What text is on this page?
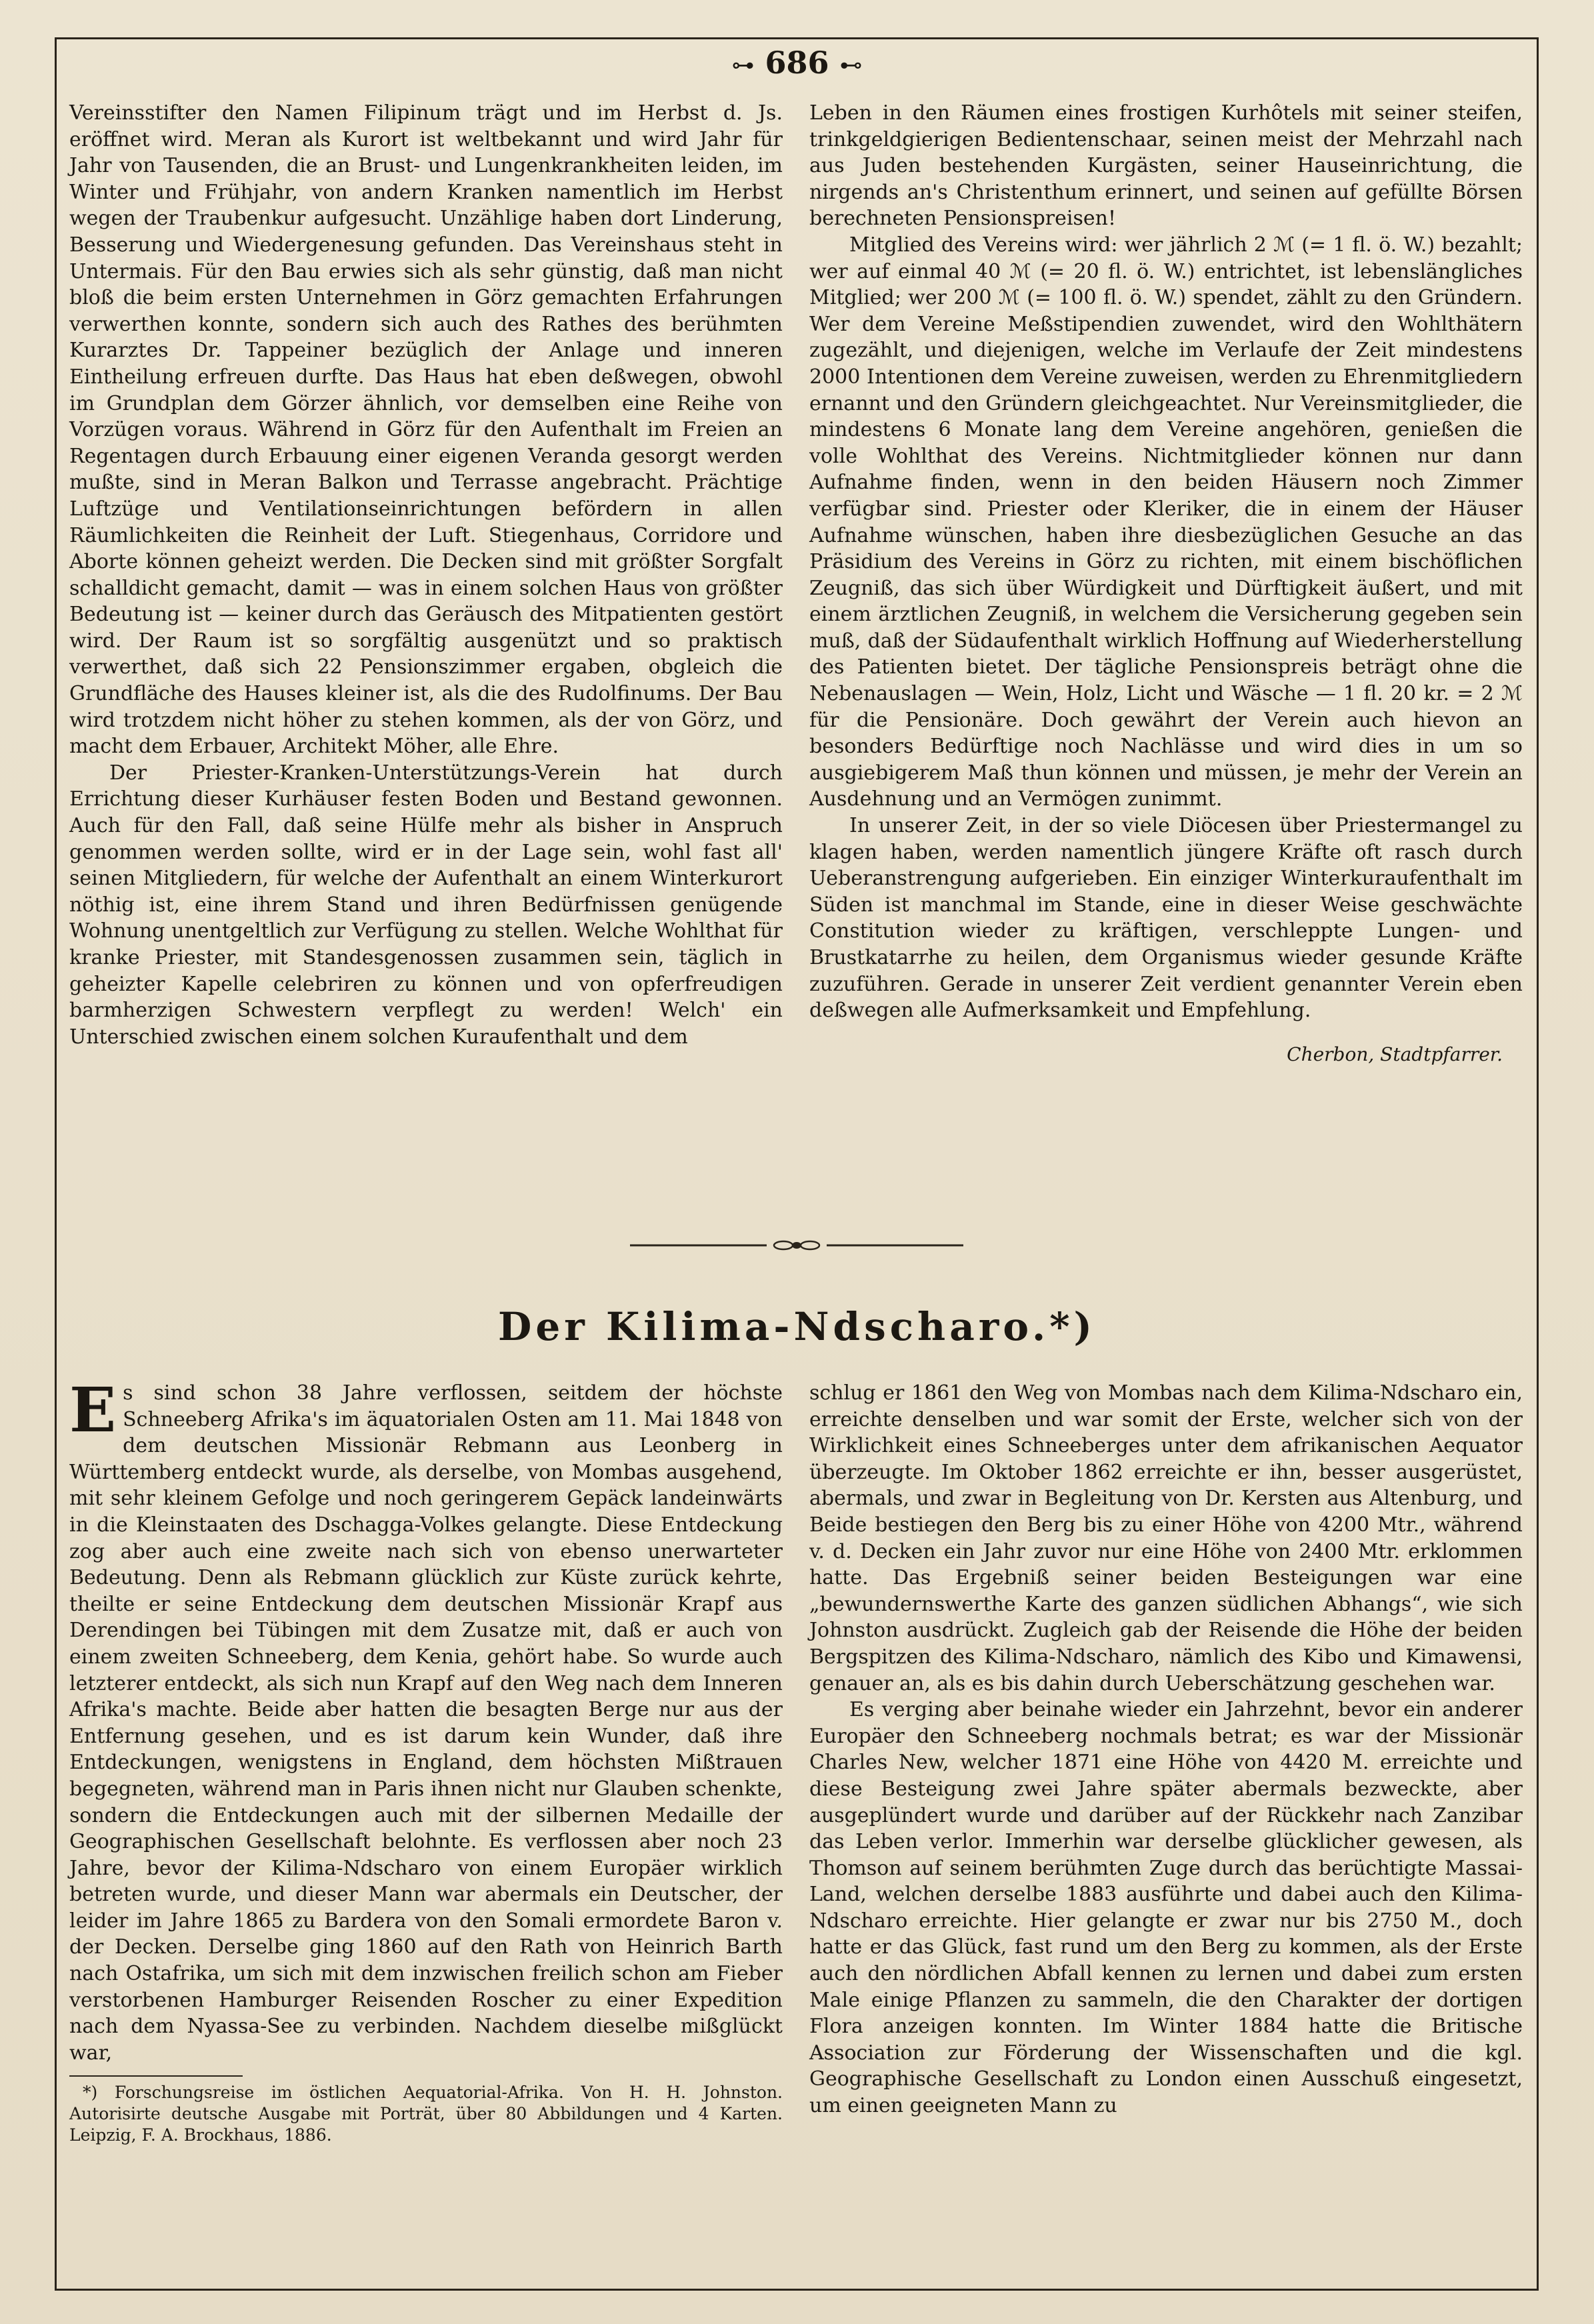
⊶ 686 ⊷

Vereinsstifter den Namen Filipinum trägt und im Herbst d. Js. eröffnet wird. Meran als Kurort ist weltbekannt und wird Jahr für Jahr von Tausenden, die an Brust- und Lungenkrankheiten leiden, im Winter und Frühjahr, von andern Kranken namentlich im Herbst wegen der Traubenkur aufgesucht. Unzählige haben dort Linderung, Besserung und Wiedergenesung gefunden. Das Vereinshaus steht in Untermais. Für den Bau erwies sich als sehr günstig, daß man nicht bloß die beim ersten Unternehmen in Görz gemachten Erfahrungen verwerthen konnte, sondern sich auch des Rathes des berühmten Kurarztes Dr. Tappeiner bezüglich der Anlage und inneren Eintheilung erfreuen durfte. Das Haus hat eben deßwegen, obwohl im Grundplan dem Görzer ähnlich, vor demselben eine Reihe von Vorzügen voraus. Während in Görz für den Aufenthalt im Freien an Regentagen durch Erbauung einer eigenen Veranda gesorgt werden mußte, sind in Meran Balkon und Terrasse angebracht. Prächtige Luftzüge und Ventilationseinrichtungen befördern in allen Räumlichkeiten die Reinheit der Luft. Stiegenhaus, Corridore und Aborte können geheizt werden. Die Decken sind mit größter Sorgfalt schalldicht gemacht, damit — was in einem solchen Haus von größter Bedeutung ist — keiner durch das Geräusch des Mitpatienten gestört wird. Der Raum ist so sorgfältig ausgenützt und so praktisch verwerthet, daß sich 22 Pensionszimmer ergaben, obgleich die Grundfläche des Hauses kleiner ist, als die des Rudolfinums. Der Bau wird trotzdem nicht höher zu stehen kommen, als der von Görz, und macht dem Erbauer, Architekt Möher, alle Ehre.

Der Priester-Kranken-Unterstützungs-Verein hat durch Errichtung dieser Kurhäuser festen Boden und Bestand gewonnen. Auch für den Fall, daß seine Hülfe mehr als bisher in Anspruch genommen werden sollte, wird er in der Lage sein, wohl fast all' seinen Mitgliedern, für welche der Aufenthalt an einem Winterkurort nöthig ist, eine ihrem Stand und ihren Bedürfnissen genügende Wohnung unentgeltlich zur Verfügung zu stellen. Welche Wohlthat für kranke Priester, mit Standesgenossen zusammen sein, täglich in geheizter Kapelle celebriren zu können und von opferfreudigen barmherzigen Schwestern verpflegt zu werden! Welch' ein Unterschied zwischen einem solchen Kuraufenthalt und dem

Leben in den Räumen eines frostigen Kurhôtels mit seiner steifen, trinkgeldgierigen Bedientenschaar, seinen meist der Mehrzahl nach aus Juden bestehenden Kurgästen, seiner Hauseinrichtung, die nirgends an's Christenthum erinnert, und seinen auf gefüllte Börsen berechneten Pensionspreisen!

Mitglied des Vereins wird: wer jährlich 2 ℳ (= 1 fl. ö. W.) bezahlt; wer auf einmal 40 ℳ (= 20 fl. ö. W.) entrichtet, ist lebenslängliches Mitglied; wer 200 ℳ (= 100 fl. ö. W.) spendet, zählt zu den Gründern. Wer dem Vereine Meßstipendien zuwendet, wird den Wohlthätern zugezählt, und diejenigen, welche im Verlaufe der Zeit mindestens 2000 Intentionen dem Vereine zuweisen, werden zu Ehrenmitgliedern ernannt und den Gründern gleichgeachtet. Nur Vereinsmitglieder, die mindestens 6 Monate lang dem Vereine angehören, genießen die volle Wohlthat des Vereins. Nichtmitglieder können nur dann Aufnahme finden, wenn in den beiden Häusern noch Zimmer verfügbar sind. Priester oder Kleriker, die in einem der Häuser Aufnahme wünschen, haben ihre diesbezüglichen Gesuche an das Präsidium des Vereins in Görz zu richten, mit einem bischöflichen Zeugniß, das sich über Würdigkeit und Dürftigkeit äußert, und mit einem ärztlichen Zeugniß, in welchem die Versicherung gegeben sein muß, daß der Südaufenthalt wirklich Hoffnung auf Wiederherstellung des Patienten bietet. Der tägliche Pensionspreis beträgt ohne die Nebenauslagen — Wein, Holz, Licht und Wäsche — 1 fl. 20 kr. = 2 ℳ für die Pensionäre. Doch gewährt der Verein auch hievon an besonders Bedürftige noch Nachlässe und wird dies in um so ausgiebigerem Maß thun können und müssen, je mehr der Verein an Ausdehnung und an Vermögen zunimmt.

In unserer Zeit, in der so viele Diöcesen über Priestermangel zu klagen haben, werden namentlich jüngere Kräfte oft rasch durch Ueberanstrengung aufgerieben. Ein einziger Winterkuraufenthalt im Süden ist manchmal im Stande, eine in dieser Weise geschwächte Constitution wieder zu kräftigen, verschleppte Lungen- und Brustkatarrhe zu heilen, dem Organismus wieder gesunde Kräfte zuzuführen. Gerade in unserer Zeit verdient genannter Verein eben deßwegen alle Aufmerksamkeit und Empfehlung.

Cherbon, Stadtpfarrer.
Der Kilima-Ndscharo.*)

Es sind schon 38 Jahre verflossen, seitdem der höchste Schneeberg Afrika's im äquatorialen Osten am 11. Mai 1848 von dem deutschen Missionär Rebmann aus Leonberg in Württemberg entdeckt wurde, als derselbe, von Mombas ausgehend, mit sehr kleinem Gefolge und noch geringerem Gepäck landeinwärts in die Kleinstaaten des Dschagga-Volkes gelangte. Diese Entdeckung zog aber auch eine zweite nach sich von ebenso unerwarteter Bedeutung. Denn als Rebmann glücklich zur Küste zurück kehrte, theilte er seine Entdeckung dem deutschen Missionär Krapf aus Derendingen bei Tübingen mit dem Zusatze mit, daß er auch von einem zweiten Schneeberg, dem Kenia, gehört habe. So wurde auch letzterer entdeckt, als sich nun Krapf auf den Weg nach dem Inneren Afrika's machte. Beide aber hatten die besagten Berge nur aus der Entfernung gesehen, und es ist darum kein Wunder, daß ihre Entdeckungen, wenigstens in England, dem höchsten Mißtrauen begegneten, während man in Paris ihnen nicht nur Glauben schenkte, sondern die Entdeckungen auch mit der silbernen Medaille der Geographischen Gesellschaft belohnte. Es verflossen aber noch 23 Jahre, bevor der Kilima-Ndscharo von einem Europäer wirklich betreten wurde, und dieser Mann war abermals ein Deutscher, der leider im Jahre 1865 zu Bardera von den Somali ermordete Baron v. der Decken. Derselbe ging 1860 auf den Rath von Heinrich Barth nach Ostafrika, um sich mit dem inzwischen freilich schon am Fieber verstorbenen Hamburger Reisenden Roscher zu einer Expedition nach dem Nyassa-See zu verbinden. Nachdem dieselbe mißglückt war,

*) Forschungsreise im östlichen Aequatorial-Afrika. Von H. H. Johnston. Autorisirte deutsche Ausgabe mit Porträt, über 80 Abbildungen und 4 Karten. Leipzig, F. A. Brockhaus, 1886.

schlug er 1861 den Weg von Mombas nach dem Kilima-Ndscharo ein, erreichte denselben und war somit der Erste, welcher sich von der Wirklichkeit eines Schneeberges unter dem afrikanischen Aequator überzeugte. Im Oktober 1862 erreichte er ihn, besser ausgerüstet, abermals, und zwar in Begleitung von Dr. Kersten aus Altenburg, und Beide bestiegen den Berg bis zu einer Höhe von 4200 Mtr., während v. d. Decken ein Jahr zuvor nur eine Höhe von 2400 Mtr. erklommen hatte. Das Ergebniß seiner beiden Besteigungen war eine „bewundernswerthe Karte des ganzen südlichen Abhangs“, wie sich Johnston ausdrückt. Zugleich gab der Reisende die Höhe der beiden Bergspitzen des Kilima-Ndscharo, nämlich des Kibo und Kimawensi, genauer an, als es bis dahin durch Ueberschätzung geschehen war.

Es verging aber beinahe wieder ein Jahrzehnt, bevor ein anderer Europäer den Schneeberg nochmals betrat; es war der Missionär Charles New, welcher 1871 eine Höhe von 4420 M. erreichte und diese Besteigung zwei Jahre später abermals bezweckte, aber ausgeplündert wurde und darüber auf der Rückkehr nach Zanzibar das Leben verlor. Immerhin war derselbe glücklicher gewesen, als Thomson auf seinem berühmten Zuge durch das berüchtigte Massai-Land, welchen derselbe 1883 ausführte und dabei auch den Kilima-Ndscharo erreichte. Hier gelangte er zwar nur bis 2750 M., doch hatte er das Glück, fast rund um den Berg zu kommen, als der Erste auch den nördlichen Abfall kennen zu lernen und dabei zum ersten Male einige Pflanzen zu sammeln, die den Charakter der dortigen Flora anzeigen konnten. Im Winter 1884 hatte die Britische Association zur Förderung der Wissenschaften und die kgl. Geographische Gesellschaft zu London einen Ausschuß eingesetzt, um einen geeigneten Mann zu
